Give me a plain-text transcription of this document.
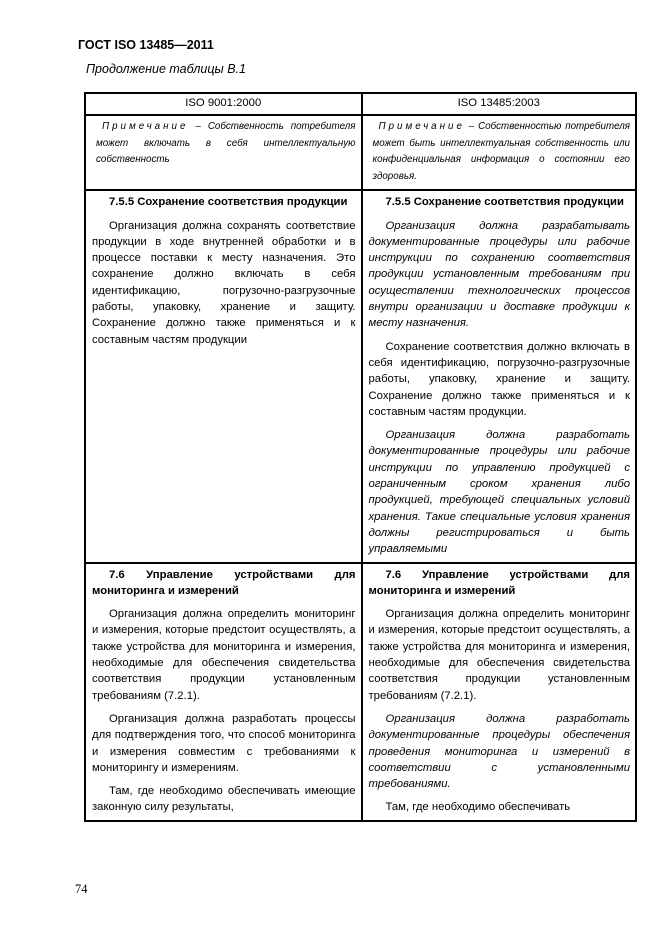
ГОСТ ISO 13485—2011
Продолжение таблицы В.1
ISO 9001:2000	ISO 13485:2003
Примечание – Собственность потребителя может включать в себя интеллектуальную собственность
Примечание – Собственностью потребителя может быть интеллектуальная собственность или конфиденциальная информация о состоянии его здоровья.

7.5.5 Сохранение соответствия продукции

Организация должна сохранять соответствие продукции в ходе внутренней обработки и в процессе поставки к месту назначения. Это сохранение должно включать в себя идентификацию, погрузочно-разгрузочные работы, упаковку, хранение и защиту. Сохранение должно также применяться и к составным частям продукции

7.5.5 Сохранение соответствия продукции

Организация должна разрабатывать документированные процедуры или рабочие инструкции по сохранению соответствия продукции установленным требованиям при осуществлении технологических процессов внутри организации и доставке продукции к месту назначения.

Сохранение соответствия должно включать в себя идентификацию, погрузочно-разгрузочные работы, упаковку, хранение и защиту. Сохранение должно также применяться и к составным частям продукции.

Организация должна разработать документированные процедуры или рабочие инструкции по управлению продукцией с ограниченным сроком хранения либо продукцией, требующей специальных условий хранения. Такие специальные условия хранения должны регистрироваться и быть управляемыми

7.6 Управление устройствами для мониторинга и измерений

Организация должна определить мониторинг и измерения, которые предстоит осуществлять, а также устройства для мониторинга и измерения, необходимые для обеспечения свидетельства соответствия продукции установленным требованиям (7.2.1).

Организация должна разработать процессы для подтверждения того, что способ мониторинга и измерения совместим с требованиями к мониторингу и измерениям.

Там, где необходимо обеспечивать имеющие законную силу результаты,

7.6 Управление устройствами для мониторинга и измерений

Организация должна определить мониторинг и измерения, которые предстоит осуществлять, а также устройства для мониторинга и измерения, необходимые для обеспечения свидетельства соответствия продукции установленным требованиям (7.2.1).

Организация должна разработать документированные процедуры обеспечения проведения мониторинга и измерений в соответствии с установленными требованиями.

Там, где необходимо обеспечивать

74
